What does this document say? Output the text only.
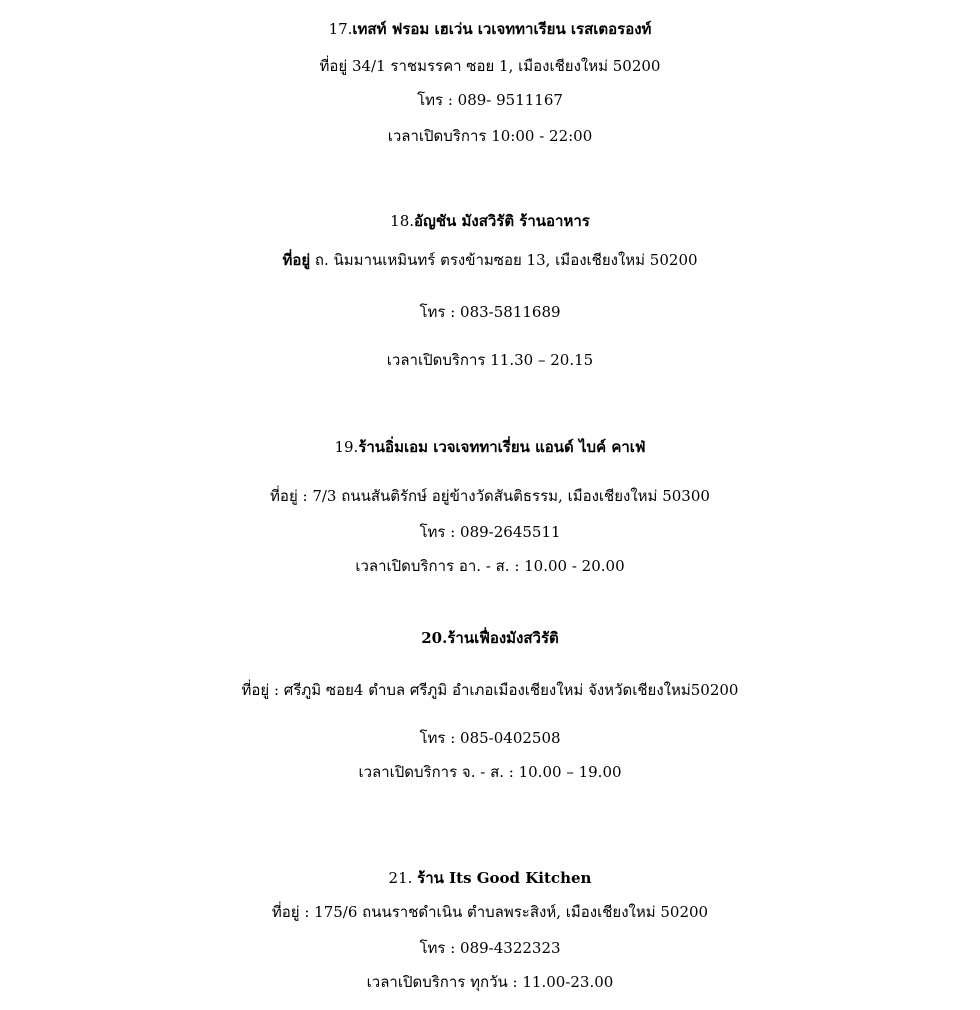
17.เทสท์ ฟรอม เฮเว่น เวเจททาเรียน เรสเตอรองท์
ที่อยู่ 34/1 ราชมรรคา ซอย 1, เมืองเชียงใหม่ 50200
โทร : 089- 9511167
เวลาเปิดบริการ 10:00 - 22:00
18.อัญชัน มังสวิรัติ ร้านอาหาร
ที่อยู่ ถ. นิมมานเหมินทร์ ตรงข้ามซอย 13, เมืองเชียงใหม่ 50200
โทร : 083-5811689
เวลาเปิดบริการ 11.30 – 20.15
19.ร้านอิ่มเอม เวจเจททาเรี่ยน แอนด์ ไบค์ คาเฟ่
ที่อยู่ : 7/3 ถนนสันติรักษ์ อยู่ข้างวัดสันติธรรม, เมืองเชียงใหม่ 50300
โทร : 089-2645511
เวลาเปิดบริการ อา. - ส. : 10.00 - 20.00
20.ร้านเฟื่องมังสวิรัติ
ที่อยู่ : ศรีภูมิ ซอย4 ตำบล ศรีภูมิ อำเภอเมืองเชียงใหม่ จังหวัดเชียงใหม่50200
โทร : 085-0402508
เวลาเปิดบริการ จ. - ส. : 10.00 – 19.00
21. ร้าน Its Good Kitchen
ที่อยู่ : 175/6 ถนนราชดำเนิน ตำบลพระสิงห์, เมืองเชียงใหม่ 50200
โทร : 089-4322323
เวลาเปิดบริการ ทุกวัน : 11.00-23.00
